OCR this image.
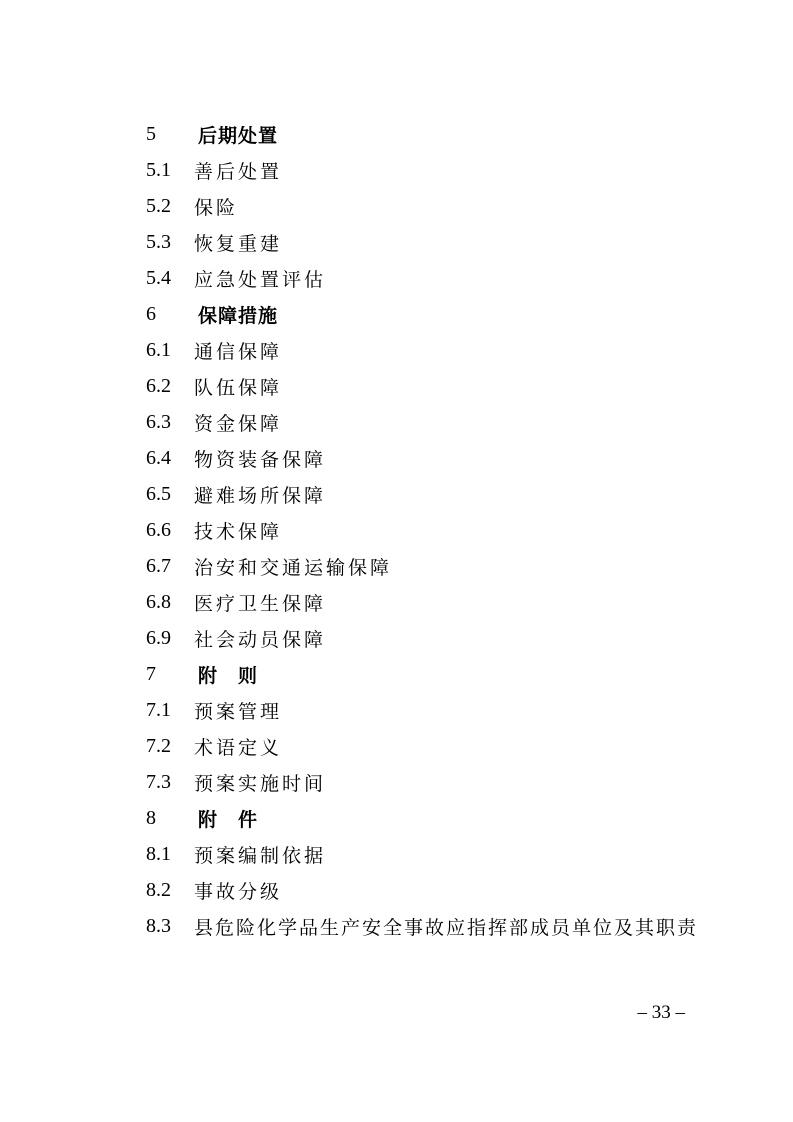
5	后期处置
5.1	善后处置
5.2	保险
5.3	恢复重建
5.4	应急处置评估
6	保障措施
6.1	通信保障
6.2	队伍保障
6.3	资金保障
6.4	物资装备保障
6.5	避难场所保障
6.6	技术保障
6.7	治安和交通运输保障
6.8	医疗卫生保障
6.9	社会动员保障
7	附　则
7.1	预案管理
7.2	术语定义
7.3	预案实施时间
8	附　件
8.1	预案编制依据
8.2	事故分级
8.3	县危险化学品生产安全事故应指挥部成员单位及其职责
– 33 –
